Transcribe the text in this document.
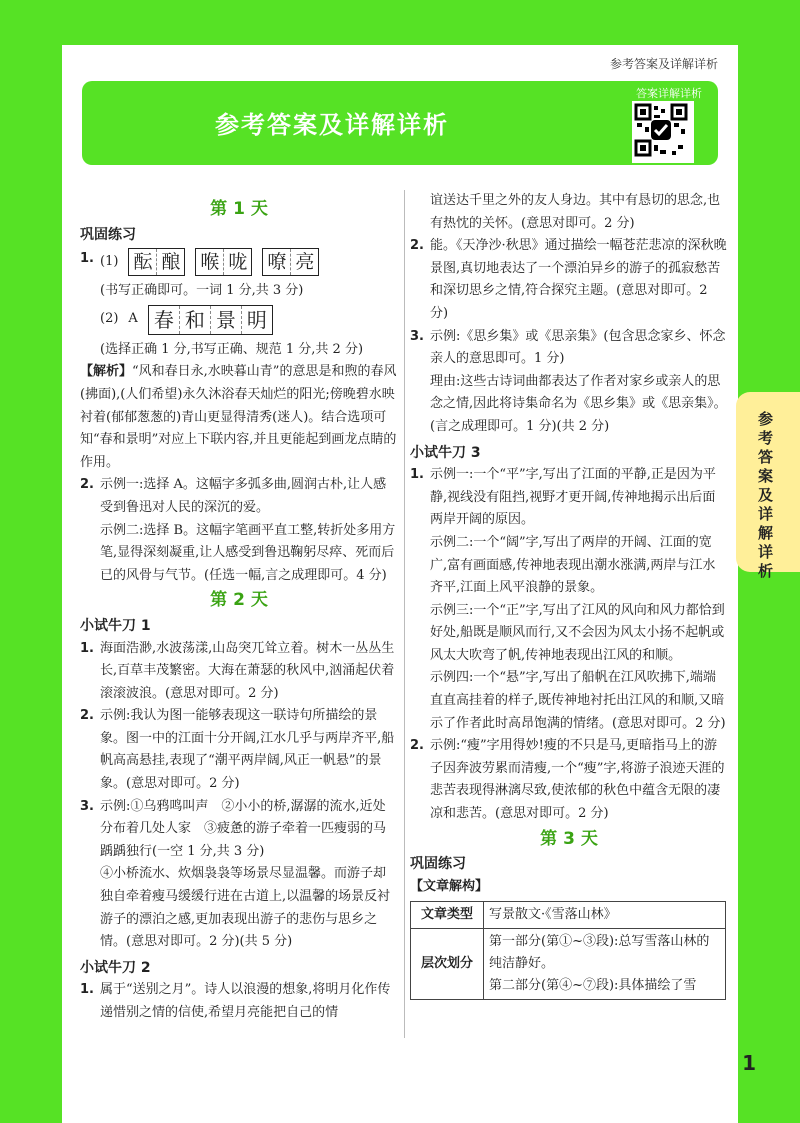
参考答案及详解详析
参考答案及详解详析
答案详解详析
参考答案及详解详析
第 1 天
巩固练习
1. (1) 酝 酿 喉 咙 嘹 亮

(书写正确即可。一词 1 分,共 3 分)

(2) A 春 和 景 明

(选择正确 1 分,书写正确、规范 1 分,共 2 分)

【解析】“风和春日永,水映暮山青”的意思是和煦的春风(拂面),(人们希望)永久沐浴春天灿烂的阳光;傍晚碧水映衬着(郁郁葱葱的)青山更显得清秀(迷人)。结合选项可知“春和景明”对应上下联内容,并且更能起到画龙点睛的作用。

2. 示例一:选择 A。这幅字多弧多曲,圆润古朴,让人感受到鲁迅对人民的深沉的爱。

示例二:选择 B。这幅字笔画平直工整,转折处多用方笔,显得深刻凝重,让人感受到鲁迅鞠躬尽瘁、死而后已的风骨与气节。(任选一幅,言之成理即可。4 分)

第 2 天
小试牛刀 1
1. 海面浩渺,水波荡漾,山岛突兀耸立着。树木一丛丛生长,百草丰茂繁密。大海在萧瑟的秋风中,汹涌起伏着滚滚波浪。(意思对即可。2 分)

2. 示例:我认为图一能够表现这一联诗句所描绘的景象。图一中的江面十分开阔,江水几乎与两岸齐平,船帆高高悬挂,表现了“潮平两岸阔,风正一帆悬”的景象。(意思对即可。2 分)

3. 示例:①乌鸦鸣叫声　②小小的桥,潺潺的流水,近处分布着几处人家　③疲惫的游子牵着一匹瘦弱的马踽踽独行(一空 1 分,共 3 分)

④小桥流水、炊烟袅袅等场景尽显温馨。而游子却独自牵着瘦马缓缓行进在古道上,以温馨的场景反衬游子的漂泊之感,更加表现出游子的悲伤与思乡之情。(意思对即可。2 分)(共 5 分)

小试牛刀 2
1. 属于“送别之月”。诗人以浪漫的想象,将明月化作传递惜别之情的信使,希望月亮能把自己的情

谊送达千里之外的友人身边。其中有恳切的思念,也有热忱的关怀。(意思对即可。2 分)

2. 能。《天净沙·秋思》通过描绘一幅苍茫悲凉的深秋晚景图,真切地表达了一个漂泊异乡的游子的孤寂愁苦和深切思乡之情,符合探究主题。(意思对即可。2 分)

3. 示例:《思乡集》或《思亲集》(包含思念家乡、怀念亲人的意思即可。1 分)

理由:这些古诗词曲都表达了作者对家乡或亲人的思念之情,因此将诗集命名为《思乡集》或《思亲集》。(言之成理即可。1 分)(共 2 分)

小试牛刀 3
1. 示例一:一个“平”字,写出了江面的平静,正是因为平静,视线没有阻挡,视野才更开阔,传神地揭示出后面两岸开阔的原因。

示例二:一个“阔”字,写出了两岸的开阔、江面的宽广,富有画面感,传神地表现出潮水涨满,两岸与江水齐平,江面上风平浪静的景象。

示例三:一个“正”字,写出了江风的风向和风力都恰到好处,船既是顺风而行,又不会因为风太小扬不起帆或风太大吹弯了帆,传神地表现出江风的和顺。

示例四:一个“悬”字,写出了船帆在江风吹拂下,端端直直高挂着的样子,既传神地衬托出江风的和顺,又暗示了作者此时高昂饱满的情绪。(意思对即可。2 分)

2. 示例:“瘦”字用得妙!瘦的不只是马,更暗指马上的游子因奔波劳累而清瘦,一个“瘦”字,将游子浪迹天涯的悲苦表现得淋漓尽致,使浓郁的秋色中蕴含无限的凄凉和悲苦。(意思对即可。2 分)

第 3 天
巩固练习
【文章解构】
文章类型	写景散文·《雪落山林》
层次划分	第一部分(第①~③段):总写雪落山林的纯洁静好。
第二部分(第④~⑦段):具体描绘了雪
1
